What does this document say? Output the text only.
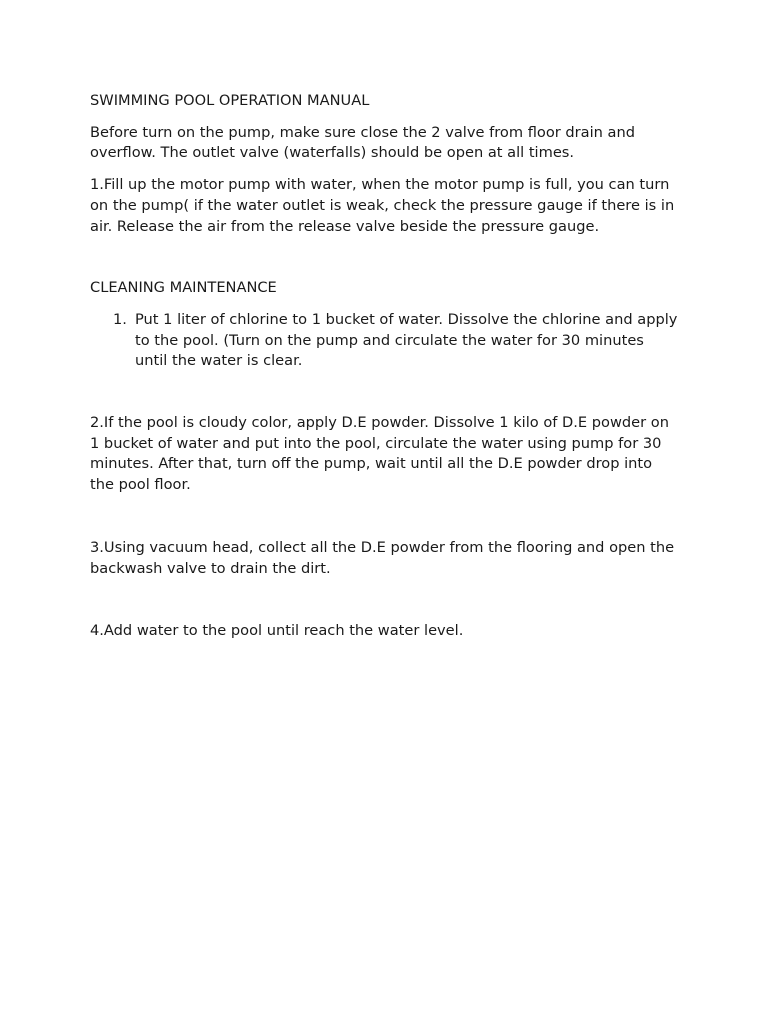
SWIMMING POOL OPERATION MANUAL

Before turn on the pump, make sure close the 2 valve from floor drain and overflow. The outlet valve (waterfalls) should be open at all times.

1.Fill up the motor pump with water, when the motor pump is full, you can turn on the pump( if the water outlet is weak, check the pressure gauge if there is in air. Release the air from the release valve beside the pressure gauge.

CLEANING MAINTENANCE

1. Put 1 liter of chlorine to 1 bucket of water. Dissolve the chlorine and apply to the pool. (Turn on the pump and circulate the water for 30 minutes until the water is clear.

2.If the pool is cloudy color, apply D.E powder. Dissolve 1 kilo of D.E powder on 1 bucket of water and put into the pool, circulate the water using pump for 30 minutes. After that, turn off the pump, wait until all the D.E powder drop into the pool floor.

3.Using vacuum head, collect all the D.E powder from the flooring and open the backwash valve to drain the dirt.

4.Add water to the pool until reach the water level.
